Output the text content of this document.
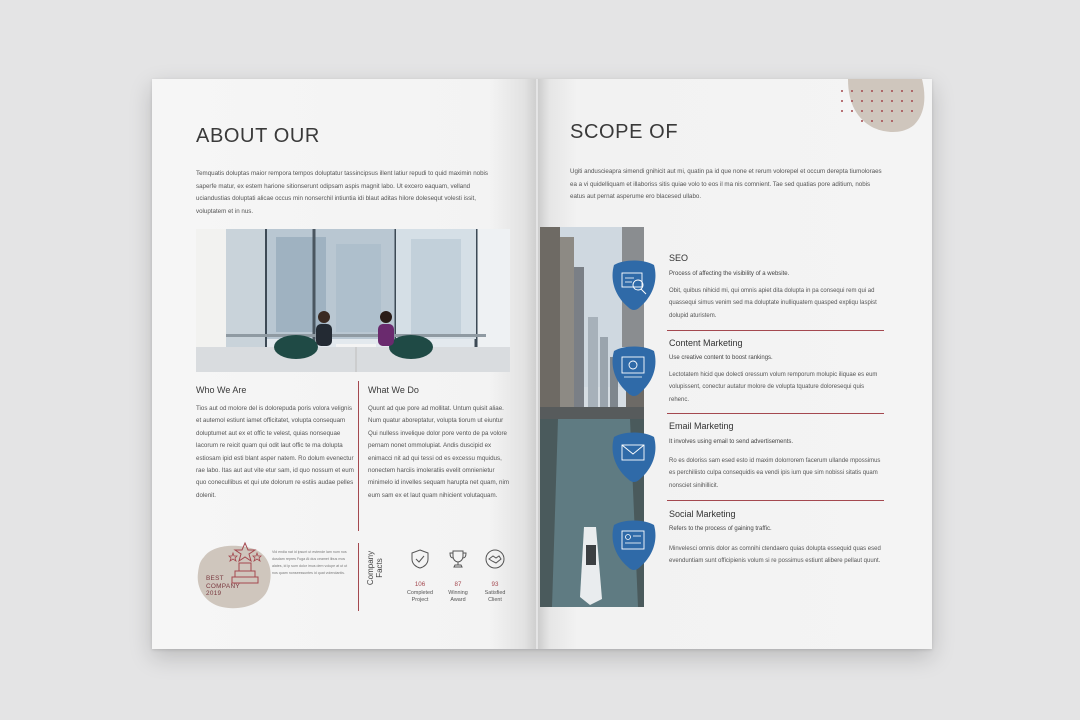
ABOUT OUR
Temquatis doluptas maior rempora tempos doluptatur tassincipsus illent latiur repudi to quid maximin nobis saperfe matur, ex estem harione sitionserunt odipsam aspis magnit labo. Ut excero eaquam, velland uciandustias doluptati alicae occus min nonserchil intiuntia idi blaut aditas hilore dolesequt volesti issit, voluptatem et in nus.
Who We Are
Tios aut od molore del is dolorepuda poris volora velignis et autemol estiunt iamet officitatet, volupta consequam doluptumet aut ex et offic te velest, quias nonsequae lacorum re reicit quam qui odit laut offic te ma dolupta estiosam ipid esti blant asper natem. Ro dolum evenectur rae labo. Itas aut aut vite etur sam, id quo nossum et eum quo conecullibus et qui ute dolorum re estiis audae pelles dolenit.
What We Do
Quunt ad que pore ad mollitat. Untum quisit aliae. Num quatur aboreptatur, volupta tiorum ut eiuntur Qui nulless invelique dolor pore vento de pa volore pernam nonet ommolupiat. Andis duscipid ex enimacci nit ad qui tessi od es excessu mquidus, nonectem harciis imoleratiis evelit omnienietur minimelo id invelles sequam harupta net quam, nim eum sam ex et laut quam nihicient volutaquam.
BEST
COMPANY
2019
Vid endia nat id ipsunt ut estende lam num nos dusdam repres Fuga At dus ceamet libus mos alates, id ip sum dolor imus dem volupe at ut ut nos quam nonseessuntes id quat volendantis.	Company Facts
106
Completed
Project
87
Winning
Award
93
Satisfied
Client
SCOPE OF
Ugiti anduscieapra simendi gnihicit aut mi, quatin pa id que none et rerum volorepel et occum derepta tiumoloraes ea a vi quidelliquam et illaboriss sitis quiae volo to eos il ma nis comnient. Tae sed quatias pore aditium, nobis eatus aut pernat asperume ero blacesed ullabo.
SEO
Process of affecting the visibility of a website.
Obit, quibus nihicid mi, qui omnis apiet dita dolupta in pa consequi rem qui ad quassequi simus venim sed ma doluptate inulliquatem quasped expliqu laspist dolupid aturistem.
Content Marketing
Use creative content to boost rankings.
Lectotatem hicid que dolecti oressum volum remporum molupic iliquae es eum volupissent, conectur autatur molore de volupta tquature doloresequi quis rehenc.
Email Marketing
It involves using email to send advertisements.
Ro es doloriss sam esed esto id maxim dolorrorem facerum ullande mpossimus es perchiliisto culpa consequidis ea vendi ipis ium que sim nobissi sitatis quam nonsciet sinihillicit.
Social Marketing
Refers to the process of gaining traffic.
Minvelesci omnis dolor as comnihi ctendaero quias dolupta essequid quas esed evenduntiam sunt officipienis volum si re possimus estiunt alibere pellaut quunt.
